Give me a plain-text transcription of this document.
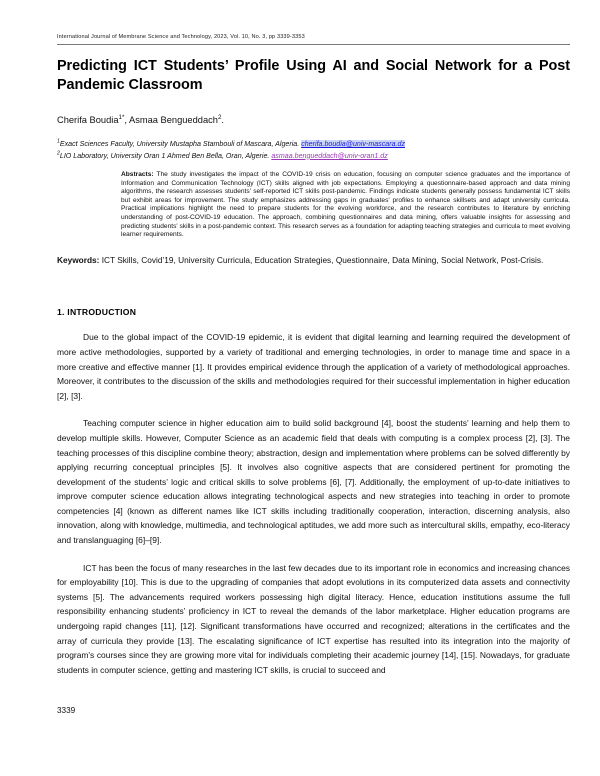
International Journal of Membrane Science and Technology, 2023, Vol. 10, No. 3, pp 3339-3353
Predicting ICT Students’ Profile Using AI and Social Network for a Post Pandemic Classroom
Cherifa Boudia$^{1*}$, Asmaa Bengueddach$^2$.
$^1$Exact Sciences Faculty, University Mustapha Stambouli of Mascara, Algeria. cherifa.boudia@univ-mascara.dz
$^2$LIO Laboratory, University Oran 1 Ahmed Ben Bella, Oran, Algerie. asmaa.bengueddach@univ-oran1.dz
Abstracts: The study investigates the impact of the COVID-19 crisis on education, focusing on computer science graduates and the importance of Information and Communication Technology (ICT) skills aligned with job expectations. Employing a questionnaire-based approach and data mining algorithms, the research assesses students' self-reported ICT skills post-pandemic. Findings indicate students generally possess fundamental ICT skills but exhibit areas for improvement. The study emphasizes addressing gaps in graduates' profiles to enhance skillsets and adapt university curricula. Practical implications highlight the need to prepare students for the evolving workforce, and the research contributes to literature by enriching understanding of post-COVID-19 education. The approach, combining questionnaires and data mining, offers valuable insights for assessing and predicting students' skills in a post-pandemic context. This research serves as a foundation for adapting teaching strategies and curricula to meet evolving learner requirements.
Keywords: ICT Skills, Covid’19, University Curricula, Education Strategies, Questionnaire, Data Mining, Social Network, Post-Crisis.
1. INTRODUCTION

Due to the global impact of the COVID-19 epidemic, it is evident that digital learning and learning required the development of more active methodologies, supported by a variety of traditional and emerging technologies, in order to manage time and space in a more creative and effective manner [1]. It provides empirical evidence through the application of a variety of methodological approaches. Moreover, it contributes to the discussion of the skills and methodologies required for their successful implementation in higher education [2], [3].

Teaching computer science in higher education aim to build solid background [4], boost the students’ learning and help them to develop multiple skills. However, Computer Science as an academic field that deals with computing is a complex process [2], [3]. The teaching processes of this discipline combine theory; abstraction, design and implementation where problems can be solved differently by applying recurring conceptual principles [5]. It involves also cognitive aspects that are considered pertinent for promoting the development of the students’ logic and critical skills to solve problems [6], [7]. Additionally, the employment of up-to-date initiatives to improve computer science education allows integrating technological aspects and new strategies into teaching in order to promote competencies [4] (known as different names like ICT skills including traditionally cooperation, interaction, discerning analysis, also innovation, along with knowledge, multimedia, and technological aptitudes, we add more such as intercultural skills, empathy, eco-literacy and translanguaging [6]–[9].

ICT has been the focus of many researches in the last few decades due to its important role in economics and increasing chances for employability [10]. This is due to the upgrading of companies that adopt evolutions in its computerized data assets and connectivity systems [5]. The advancements required workers possessing high digital literacy. Hence, education institutions assume the full responsibility enhancing students’ proficiency in ICT to reveal the demands of the labor marketplace. Higher education programs are undergoing rapid changes [11], [12]. Significant transformations have occurred and recognized; alterations in the certificates and the array of curricula they provide [13]. The escalating significance of ICT expertise has resulted into its integration into the majority of program's courses since they are growing more vital for individuals completing their academic journey [14], [15]. Nowadays, for graduate students in computer science, getting and mastering ICT skills, is crucial to succeed and

3339
